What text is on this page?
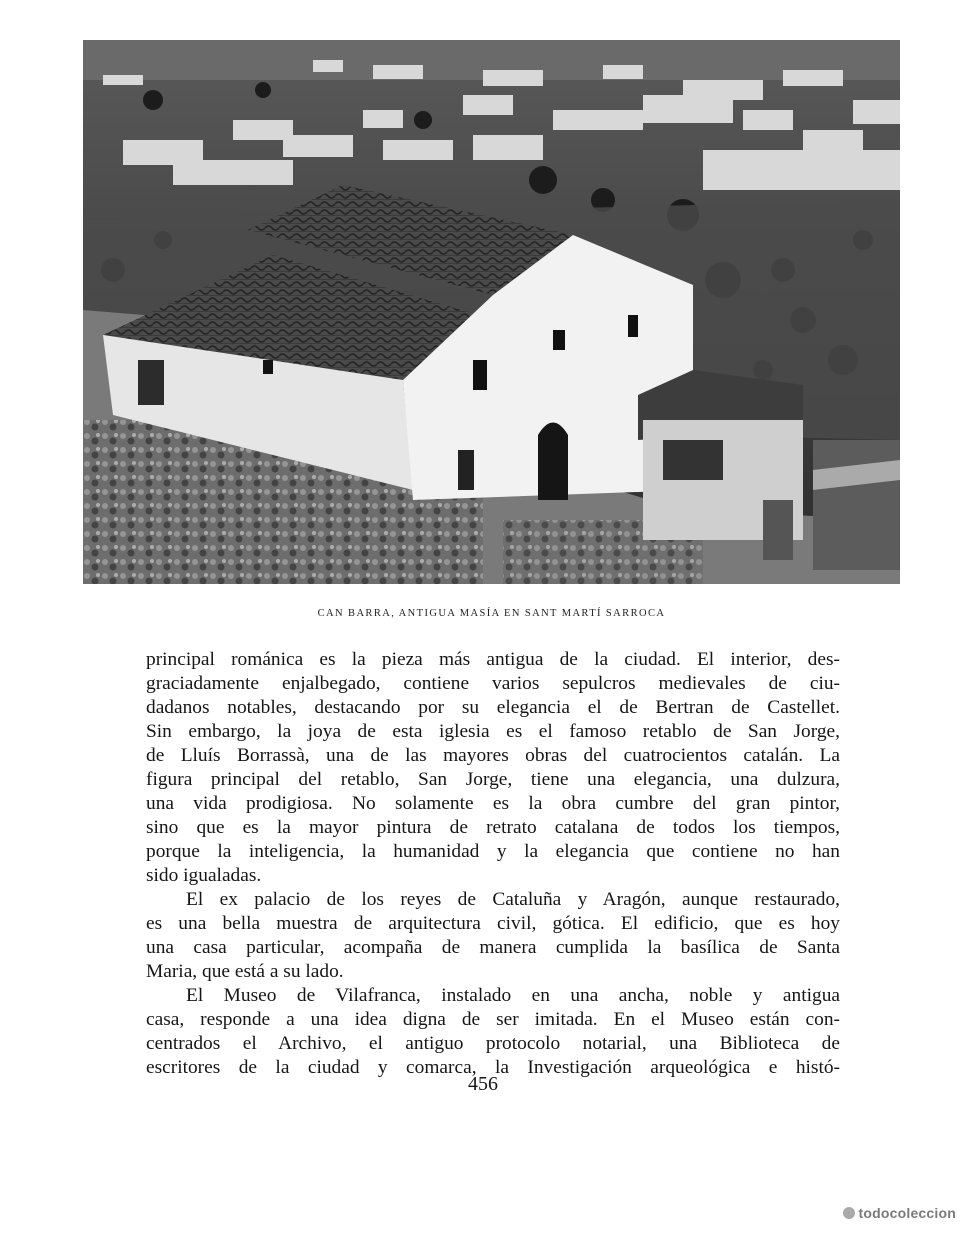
CAN BARRA, ANTIGUA MASÍA EN SANT MARTÍ SARROCA

principal románica es la pieza más antigua de la ciudad. El interior, des-
graciadamente enjalbegado, contiene varios sepulcros medievales de ciu-
dadanos notables, destacando por su elegancia el de Bertran de Castellet.
Sin embargo, la joya de esta iglesia es el famoso retablo de San Jorge,
de Lluís Borrassà, una de las mayores obras del cuatrocientos catalán. La
figura principal del retablo, San Jorge, tiene una elegancia, una dulzura,
una vida prodigiosa. No solamente es la obra cumbre del gran pintor,
sino que es la mayor pintura de retrato catalana de todos los tiempos,
porque la inteligencia, la humanidad y la elegancia que contiene no han
sido igualadas.

El ex palacio de los reyes de Cataluña y Aragón, aunque restaurado,
es una bella muestra de arquitectura civil, gótica. El edificio, que es hoy
una casa particular, acompaña de manera cumplida la basílica de Santa
Maria, que está a su lado.

El Museo de Vilafranca, instalado en una ancha, noble y antigua
casa, responde a una idea digna de ser imitada. En el Museo están con-
centrados el Archivo, el antiguo protocolo notarial, una Biblioteca de
escritores de la ciudad y comarca, la Investigación arqueológica e histó-

456
todocoleccion
